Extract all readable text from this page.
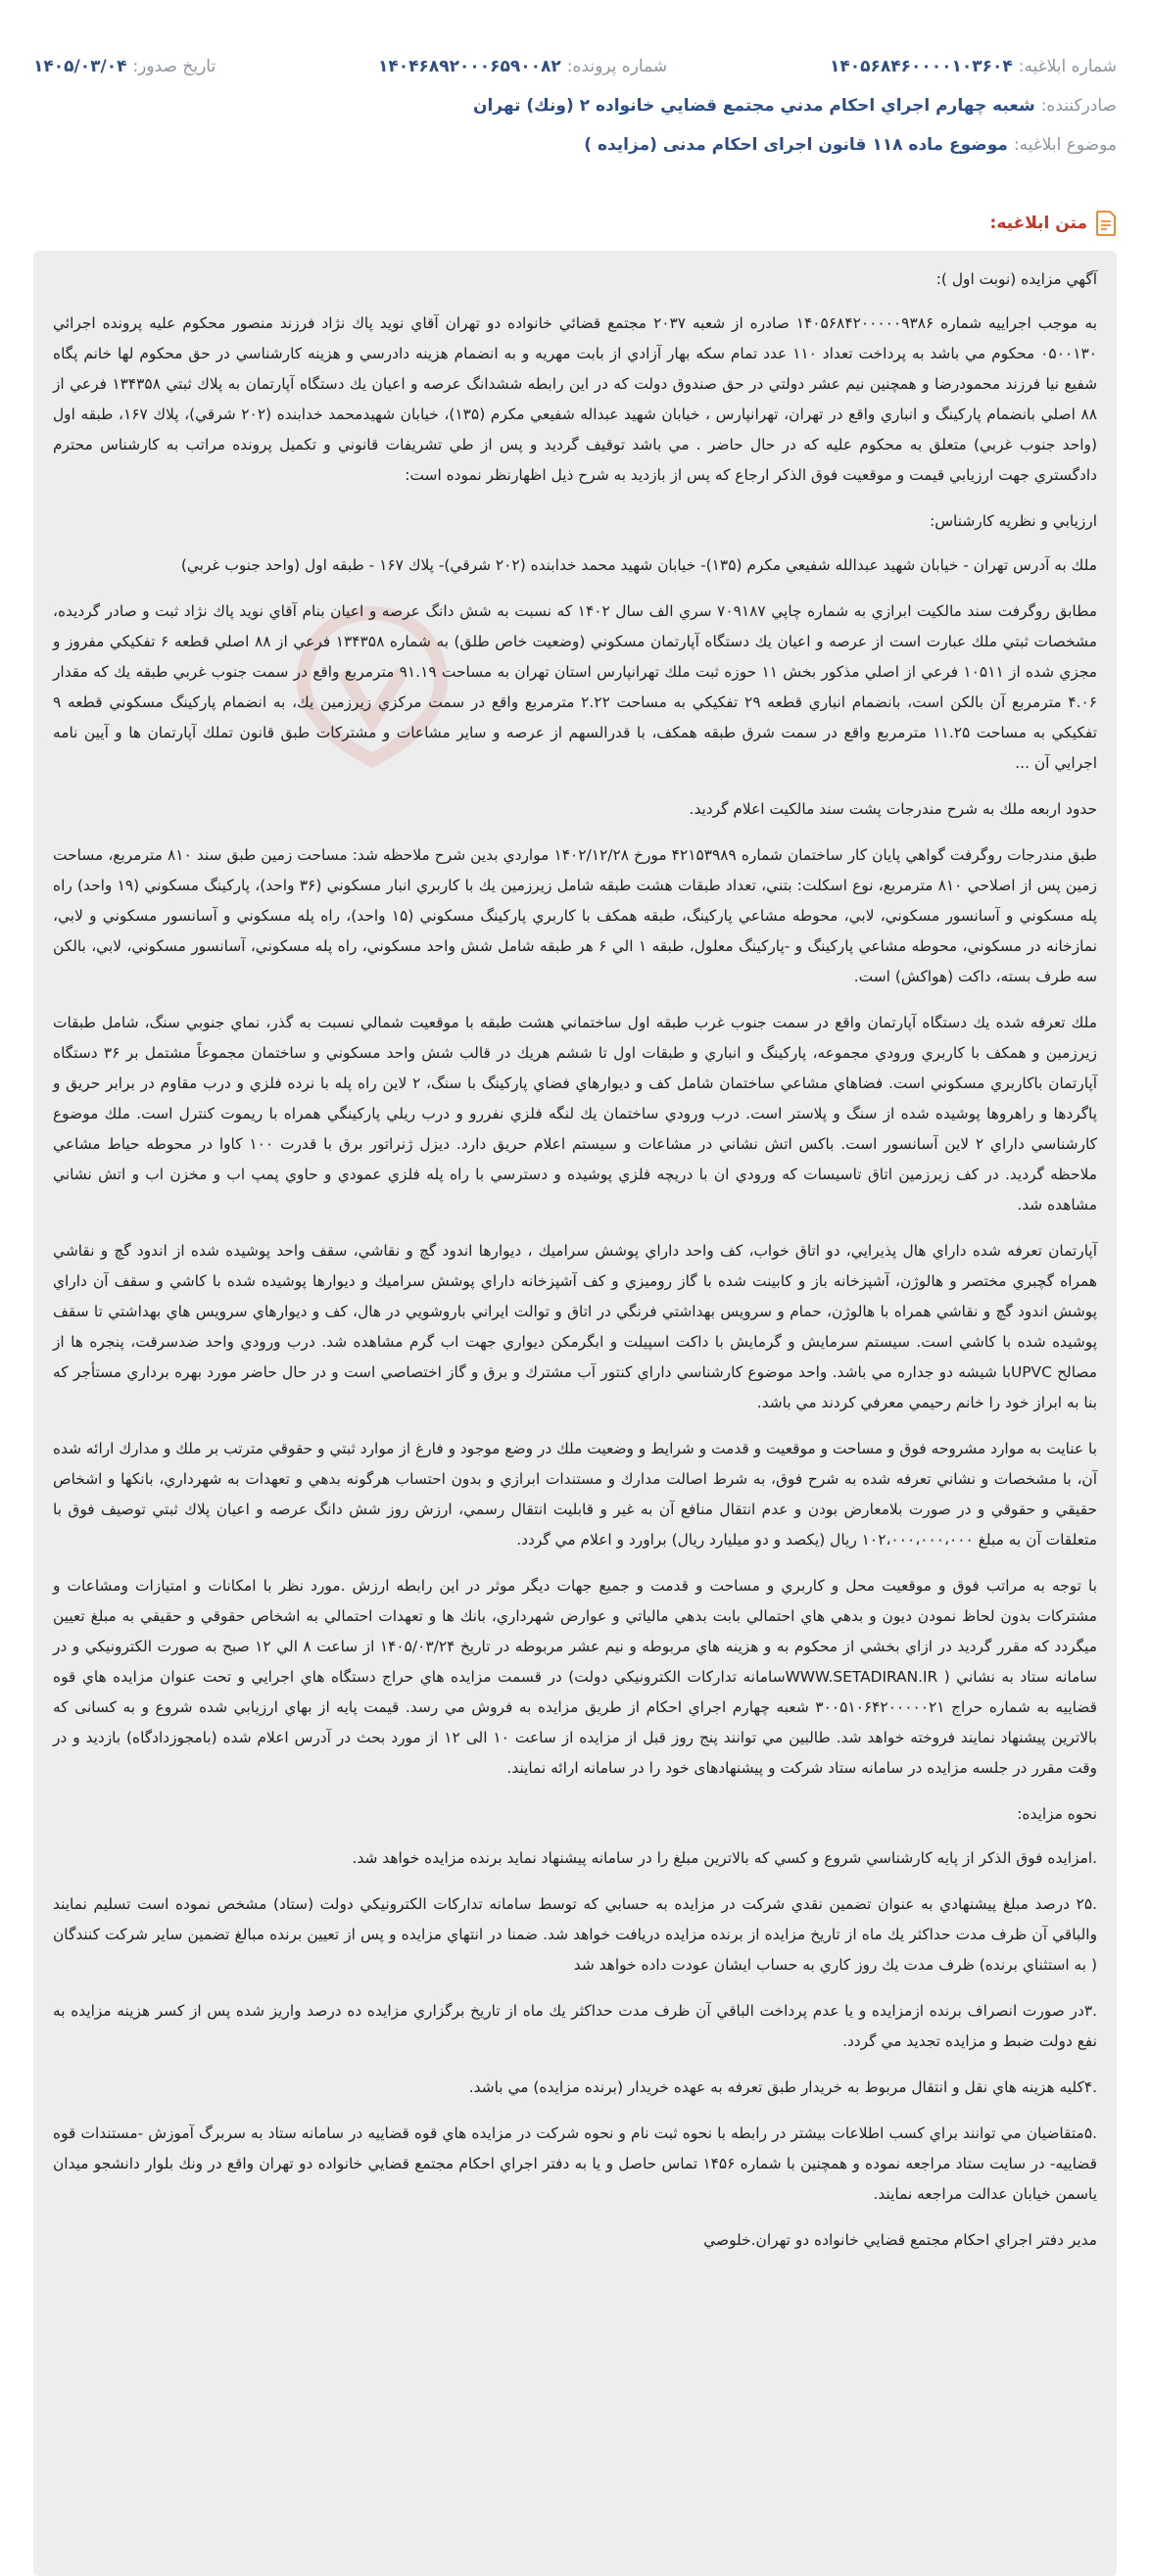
شماره ابلاغیه:
۱۴۰۵۶۸۴۶۰۰۰۰۱۰۳۶۰۴
شماره پرونده:
۱۴۰۴۶۸۹۲۰۰۰۶۵۹۰۰۸۲
تاریخ صدور:
۱۴۰۵/۰۳/۰۴
صادرکننده:
شعبه چهارم اجراي احكام مدني مجتمع قضايي خانواده ۲ (ونك) تهران
موضوع ابلاغیه:
موضوع ماده ۱۱۸ قانون اجرای احکام مدنی (مزایده )
متن ابلاغیه:

آگهي مزايده (نوبت اول ):

به موجب اجراييه شماره ۱۴۰۵۶۸۴۲۰۰۰۰۰۹۳۸۶ صادره از شعبه ۲۰۳۷ مجتمع قضائي خانواده دو تهران آقاي نويد پاك نژاد فرزند منصور محكوم عليه پرونده اجرائي ۰۵۰۰۱۳۰ محكوم مي باشد به پرداخت تعداد ۱۱۰ عدد تمام سكه بهار آزادي از بابت مهريه و به انضمام هزينه دادرسي و هزينه كارشناسي در حق محكوم لها خانم پگاه شفيع نيا فرزند محمودرضا و همچنين نيم عشر دولتي در حق صندوق دولت كه در اين رابطه ششدانگ عرصه و اعيان يك دستگاه آپارتمان به پلاك ثبتي ۱۳۴۳۵۸ فرعي از ۸۸ اصلي بانضمام پاركينگ و انباري واقع در تهران، تهرانپارس ، خيابان شهيد عبداله شفيعي مكرم (۱۳۵)، خيابان شهيدمحمد خدابنده (۲۰۲ شرقي)، پلاك ۱۶۷، طبقه اول (واحد جنوب غربي) متعلق به محكوم عليه كه در حال حاضر . مي باشد توقيف گرديد و پس از طي تشريفات قانوني و تكميل پرونده مراتب به كارشناس محترم دادگستري جهت ارزيابي قيمت و موقعيت فوق الذكر ارجاع كه پس از بازديد به شرح ذيل اظهارنظر نموده است:

ارزيابي و نظريه كارشناس:

ملك به آدرس تهران - خيابان شهيد عبدالله شفيعي مكرم (۱۳۵)- خيابان شهيد محمد خدابنده (۲۰۲ شرقي)- پلاك ۱۶۷ - طبقه اول (واحد جنوب غربي)

مطابق روگرفت سند مالكيت ابرازي به شماره چاپي ۷۰۹۱۸۷ سري الف سال ۱۴۰۲ كه نسبت به شش دانگ عرصه و اعيان بنام آقاي نويد پاك نژاد ثبت و صادر گرديده، مشخصات ثبتي ملك عبارت است از عرصه و اعيان يك دستگاه آپارتمان مسكوني (وضعيت خاص طلق) به شماره ۱۳۴۳۵۸ فرعي از ۸۸ اصلي قطعه ۶ تفكيكي مفروز و مجزي شده از ۱۰۵۱۱ فرعي از اصلي مذكور بخش ۱۱ حوزه ثبت ملك تهرانپارس استان تهران به مساحت ۹۱.۱۹ مترمربع واقع در سمت جنوب غربي طبقه يك كه مقدار ۴.۰۶ مترمربع آن بالكن است، بانضمام انباري قطعه ۲۹ تفكيكي به مساحت ۲.۲۲ مترمربع واقع در سمت مركزي زيرزمين يك، به انضمام پاركينگ مسكوني قطعه ۹ تفكيكي به مساحت ۱۱.۲۵ مترمربع واقع در سمت شرق طبقه همكف، با قدرالسهم از عرصه و ساير مشاعات و مشتركات طبق قانون تملك آپارتمان ها و آيين نامه اجرايي آن ...

حدود اربعه ملك به شرح مندرجات پشت سند مالكيت اعلام گرديد.

طبق مندرجات روگرفت گواهي پايان كار ساختمان شماره ۴۲۱۵۳۹۸۹ مورخ ۱۴۰۲/۱۲/۲۸ مواردي بدين شرح ملاحظه شد: مساحت زمين طبق سند ۸۱۰ مترمربع، مساحت زمين پس از اصلاحي ۸۱۰ مترمربع، نوع اسكلت: بتني، تعداد طبقات هشت طبقه شامل زيرزمين يك با كاربري انبار مسكوني (۳۶ واحد)، پاركينگ مسكوني (۱۹ واحد) راه پله مسكوني و آسانسور مسكوني، لابي، محوطه مشاعي پاركينگ، طبقه همكف با كاربري پاركينگ مسكوني (۱۵ واحد)، راه پله مسكوني و آسانسور مسكوني و لابي، نمازخانه در مسكوني، محوطه مشاعي پاركينگ و -پاركينگ معلول، طبقه ۱ الي ۶ هر طبقه شامل شش واحد مسكوني، راه پله مسكوني، آسانسور مسكوني، لابي، بالكن سه طرف بسته، داكت (هواكش) است.

ملك تعرفه شده يك دستگاه آپارتمان واقع در سمت جنوب غرب طبقه اول ساختماني هشت طبقه با موقعيت شمالي نسبت به گذر، نماي جنوبي سنگ، شامل طبقات زيرزمين و همكف با كاربري ورودي مجموعه، پاركينگ و انباري و طبقات اول تا ششم هريك در قالب شش واحد مسكوني و ساختمان مجموعاً مشتمل بر ۳۶ دستگاه آپارتمان باكاربري مسكوني است. فضاهاي مشاعي ساختمان شامل كف و ديوارهاي فضاي پاركينگ با سنگ، ۲ لاين راه پله با نرده فلزي و درب مقاوم در برابر حريق و پاگردها و راهروها پوشيده شده از سنگ و پلاستر است. درب ورودي ساختمان يك لنگه فلزي نفررو و درب ريلي پاركينگي همراه با ريموت كنترل است. ملك موضوع كارشناسي داراي ۲ لاين آسانسور است. باكس اتش نشاني در مشاعات و سيستم اعلام حريق دارد. ديزل ژنراتور برق با قدرت ۱۰۰ كاوا در محوطه حياط مشاعي ملاحظه گرديد. در كف زيرزمين اتاق تاسيسات كه ورودي ان با دريچه فلزي پوشيده و دسترسي با راه پله فلزي عمودي و حاوي پمپ اب و مخزن اب و اتش نشاني مشاهده شد.

آپارتمان تعرفه شده داراي هال پذيرايي، دو اتاق خواب، كف واحد داراي پوشش سراميك ، ديوارها اندود گچ و نقاشي، سقف واحد پوشيده شده از اندود گچ و نقاشي همراه گچبري مختصر و هالوژن، آشپزخانه باز و كابينت شده با گاز روميزي و كف آشپزخانه داراي پوشش سراميك و ديوارها پوشيده شده با كاشي و سقف آن داراي پوشش اندود گچ و نقاشي همراه با هالوژن، حمام و سرويس بهداشتي فرنگي در اتاق و توالت ايراني باروشويي در هال، كف و ديوارهاي سرويس هاي بهداشتي تا سقف پوشيده شده با كاشي است. سيستم سرمايش و گرمايش با داكت اسپيلت و ابگرمكن ديواري جهت اب گرم مشاهده شد. درب ورودي واحد ضدسرقت، پنجره ها از مصالح UPVCبا شيشه دو جداره مي باشد. واحد موضوع كارشناسي داراي كنتور آب مشترك و برق و گاز اختصاصي است و در حال حاضر مورد بهره برداري مستأجر كه بنا به ابراز خود را خانم رحيمي معرفي كردند مي باشد.

با عنايت به موارد مشروحه فوق و مساحت و موقعيت و قدمت و شرايط و وضعيت ملك در وضع موجود و فارغ از موارد ثبتي و حقوقي مترتب بر ملك و مدارك ارائه شده آن، با مشخصات و نشاني تعرفه شده به شرح فوق، به شرط اصالت مدارك و مستندات ابرازي و بدون احتساب هرگونه بدهي و تعهدات به شهرداري، بانكها و اشخاص حقيقي و حقوقي و در صورت بلامعارض بودن و عدم انتقال منافع آن به غير و قابليت انتقال رسمي، ارزش روز شش دانگ عرصه و اعيان پلاك ثبتي توصيف فوق با متعلقات آن به مبلغ ۱۰۲،۰۰۰،۰۰۰،۰۰۰ ريال (يكصد و دو ميليارد ريال) براورد و اعلام مي گردد.

با توجه به مراتب فوق و موقعيت محل و كاربري و مساحت و قدمت و جميع جهات ديگر موثر در اين رابطه ارزش .مورد نظر با امكانات و امتيازات ومشاعات و مشتركات بدون لحاظ نمودن ديون و بدهي هاي احتمالي بابت بدهي مالياتي و عوارض شهرداري، بانك ها و تعهدات احتمالي به اشخاص حقوقي و حقيقي به مبلغ تعيين ميگردد كه مقرر گرديد در ازاي بخشي از محكوم به و هزينه هاي مربوطه و نيم عشر مربوطه در تاريخ ۱۴۰۵/۰۳/۲۴ از ساعت ۸ الي ۱۲ صبح به صورت الكترونيكي و در سامانه ستاد به نشاني ( WWW.SETADIRAN.IRسامانه تداركات الكترونيكي دولت) در قسمت مزايده هاي حراج دستگاه هاي اجرايي و تحت عنوان مزايده هاي قوه قضاييه به شماره حراج ۳۰۰۵۱۰۶۴۲۰۰۰۰۰۲۱ شعبه چهارم اجراي احكام از طريق مزايده به فروش مي رسد. قيمت پايه از بهاي ارزيابي شده شروع و به كسانی كه بالاترين پيشنهاد نمايند فروخته خواهد شد. طالبين مي توانند پنج روز قبل از مزايده از ساعت ۱۰ الی ۱۲ از مورد بحث در آدرس اعلام شده (بامجوزدادگاه) بازديد و در وقت مقرر در جلسه مزايده در سامانه ستاد شركت و پيشنهادهای خود را در سامانه ارائه نمايند.

نحوه مزايده:

.امزايده فوق الذكر از پايه كارشناسي شروع و كسي كه بالاترين مبلغ را در سامانه پيشنهاد نمايد برنده مزايده خواهد شد.

.۲۵ درصد مبلغ پيشنهادي به عنوان تضمين نقدي شركت در مزايده به حسابي كه توسط سامانه تداركات الكترونيكي دولت (ستاد) مشخص نموده است تسليم نمايند والباقي آن ظرف مدت حداكثر يك ماه از تاريخ مزايده از برنده مزايده دريافت خواهد شد. ضمنا در انتهاي مزايده و پس از تعيين برنده مبالغ تضمين ساير شركت كنندگان ( به استثناي برنده) ظرف مدت يك روز كاري به حساب ايشان عودت داده خواهد شد

.۳در صورت انصراف برنده ازمزايده و يا عدم پرداخت الباقي آن ظرف مدت حداكثر يك ماه از تاريخ برگزاري مزايده ده درصد واريز شده پس از كسر هزينه مزايده به نفع دولت ضبط و مزايده تجديد مي گردد.

.۴كليه هزينه هاي نقل و انتقال مربوط به خريدار طبق تعرفه به عهده خريدار (برنده مزايده) مي باشد.

.۵متقاضيان مي توانند براي كسب اطلاعات بيشتر در رابطه با نحوه ثبت نام و نحوه شركت در مزايده هاي قوه قضاييه در سامانه ستاد به سربرگ آموزش -مستندات قوه قضاييه- در سايت ستاد مراجعه نموده و همچنين با شماره ۱۴۵۶ تماس حاصل و يا به دفتر اجراي احكام مجتمع قضايي خانواده دو تهران واقع در ونك بلوار دانشجو ميدان ياسمن خيابان عدالت مراجعه نمايند.

مدير دفتر اجراي احكام مجتمع قضايي خانواده دو تهران.خلوصي
